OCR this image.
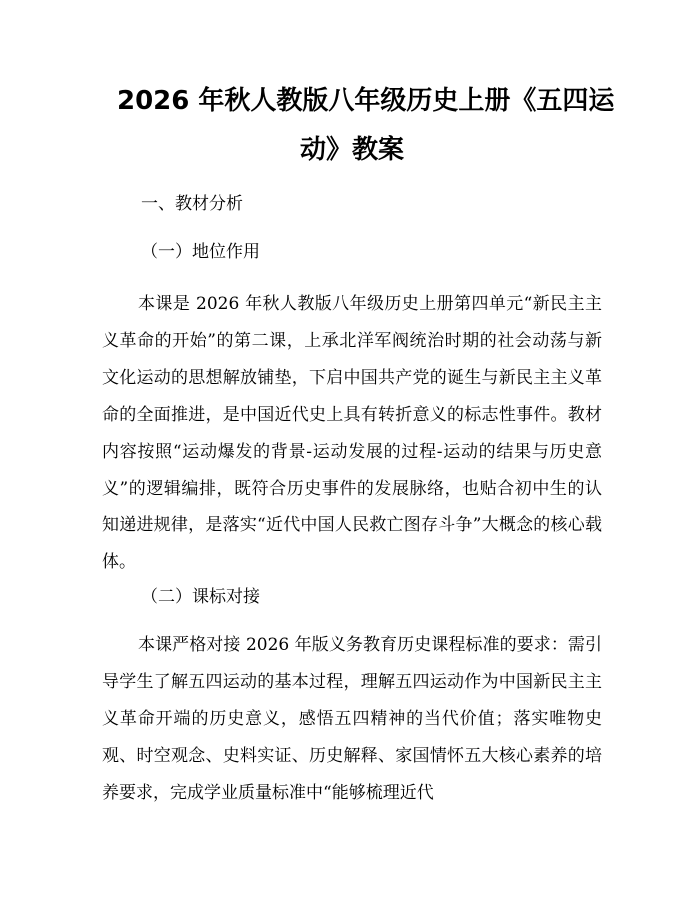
2026 年秋人教版八年级历史上册《五四运
动》教案
一、教材分析
（一）地位作用

本课是 2026 年秋人教版八年级历史上册第四单元“新民主主义革命的开始”的第二课，上承北洋军阀统治时期的社会动荡与新文化运动的思想解放铺垫，下启中国共产党的诞生与新民主主义革命的全面推进，是中国近代史上具有转折意义的标志性事件。教材内容按照“运动爆发的背景-运动发展的过程-运动的结果与历史意义”的逻辑编排，既符合历史事件的发展脉络，也贴合初中生的认知递进规律，是落实“近代中国人民救亡图存斗争”大概念的核心载体。

（二）课标对接

本课严格对接 2026 年版义务教育历史课程标准的要求：需引导学生了解五四运动的基本过程，理解五四运动作为中国新民主主义革命开端的历史意义，感悟五四精神的当代价值；落实唯物史观、时空观念、史料实证、历史解释、家国情怀五大核心素养的培养要求，完成学业质量标准中“能够梳理近代
